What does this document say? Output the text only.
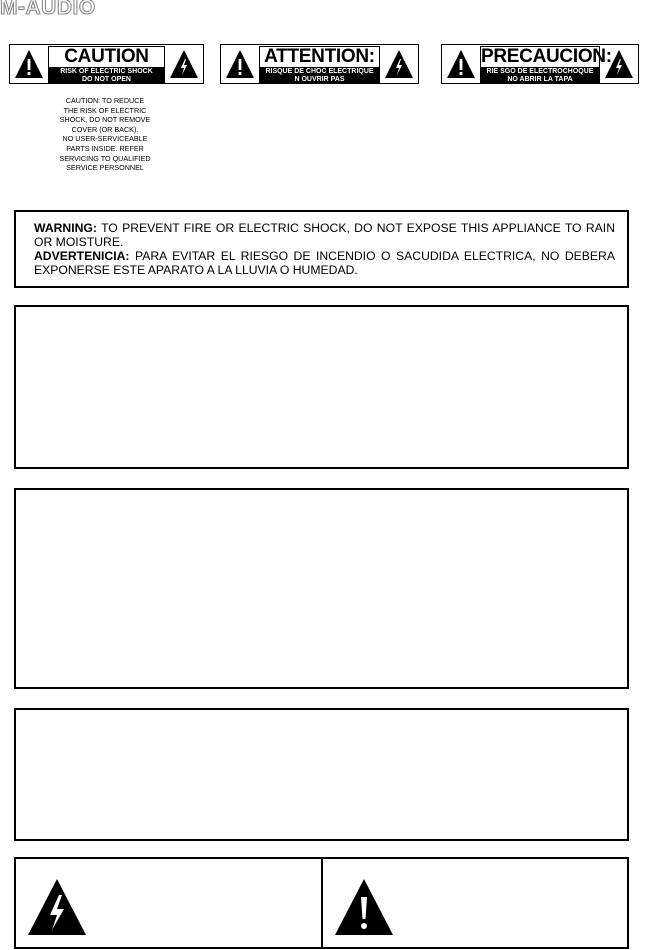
M-AUDIO
CAUTION
RISK OF ELECTRIC SHOCK
DO NOT OPEN
ATTENTION:
RISQUE DE CHOC ELECTRIQUE
N OUVRIR PAS
PRECAUCION:
RIE SGO DE ELECTROCHOQUE
NO ABRIR LA TAPA
CAUTION: TO REDUCE
THE RISK OF ELECTRIC
SHOCK, DO NOT REMOVE
COVER (OR BACK).
NO USER-SERVICEABLE
PARTS INSIDE. REFER
SERVICING TO QUALIFIED
SERVICE PERSONNEL

WARNING: TO PREVENT FIRE OR ELECTRIC SHOCK, DO NOT EXPOSE THIS APPLIANCE TO RAIN OR MOISTURE.

ADVERTENICIA: PARA EVITAR EL RIESGO DE INCENDIO O SACUDIDA ELECTRICA, NO DEBERA EXPONERSE ESTE APARATO A LA LLUVIA O HUMEDAD.
